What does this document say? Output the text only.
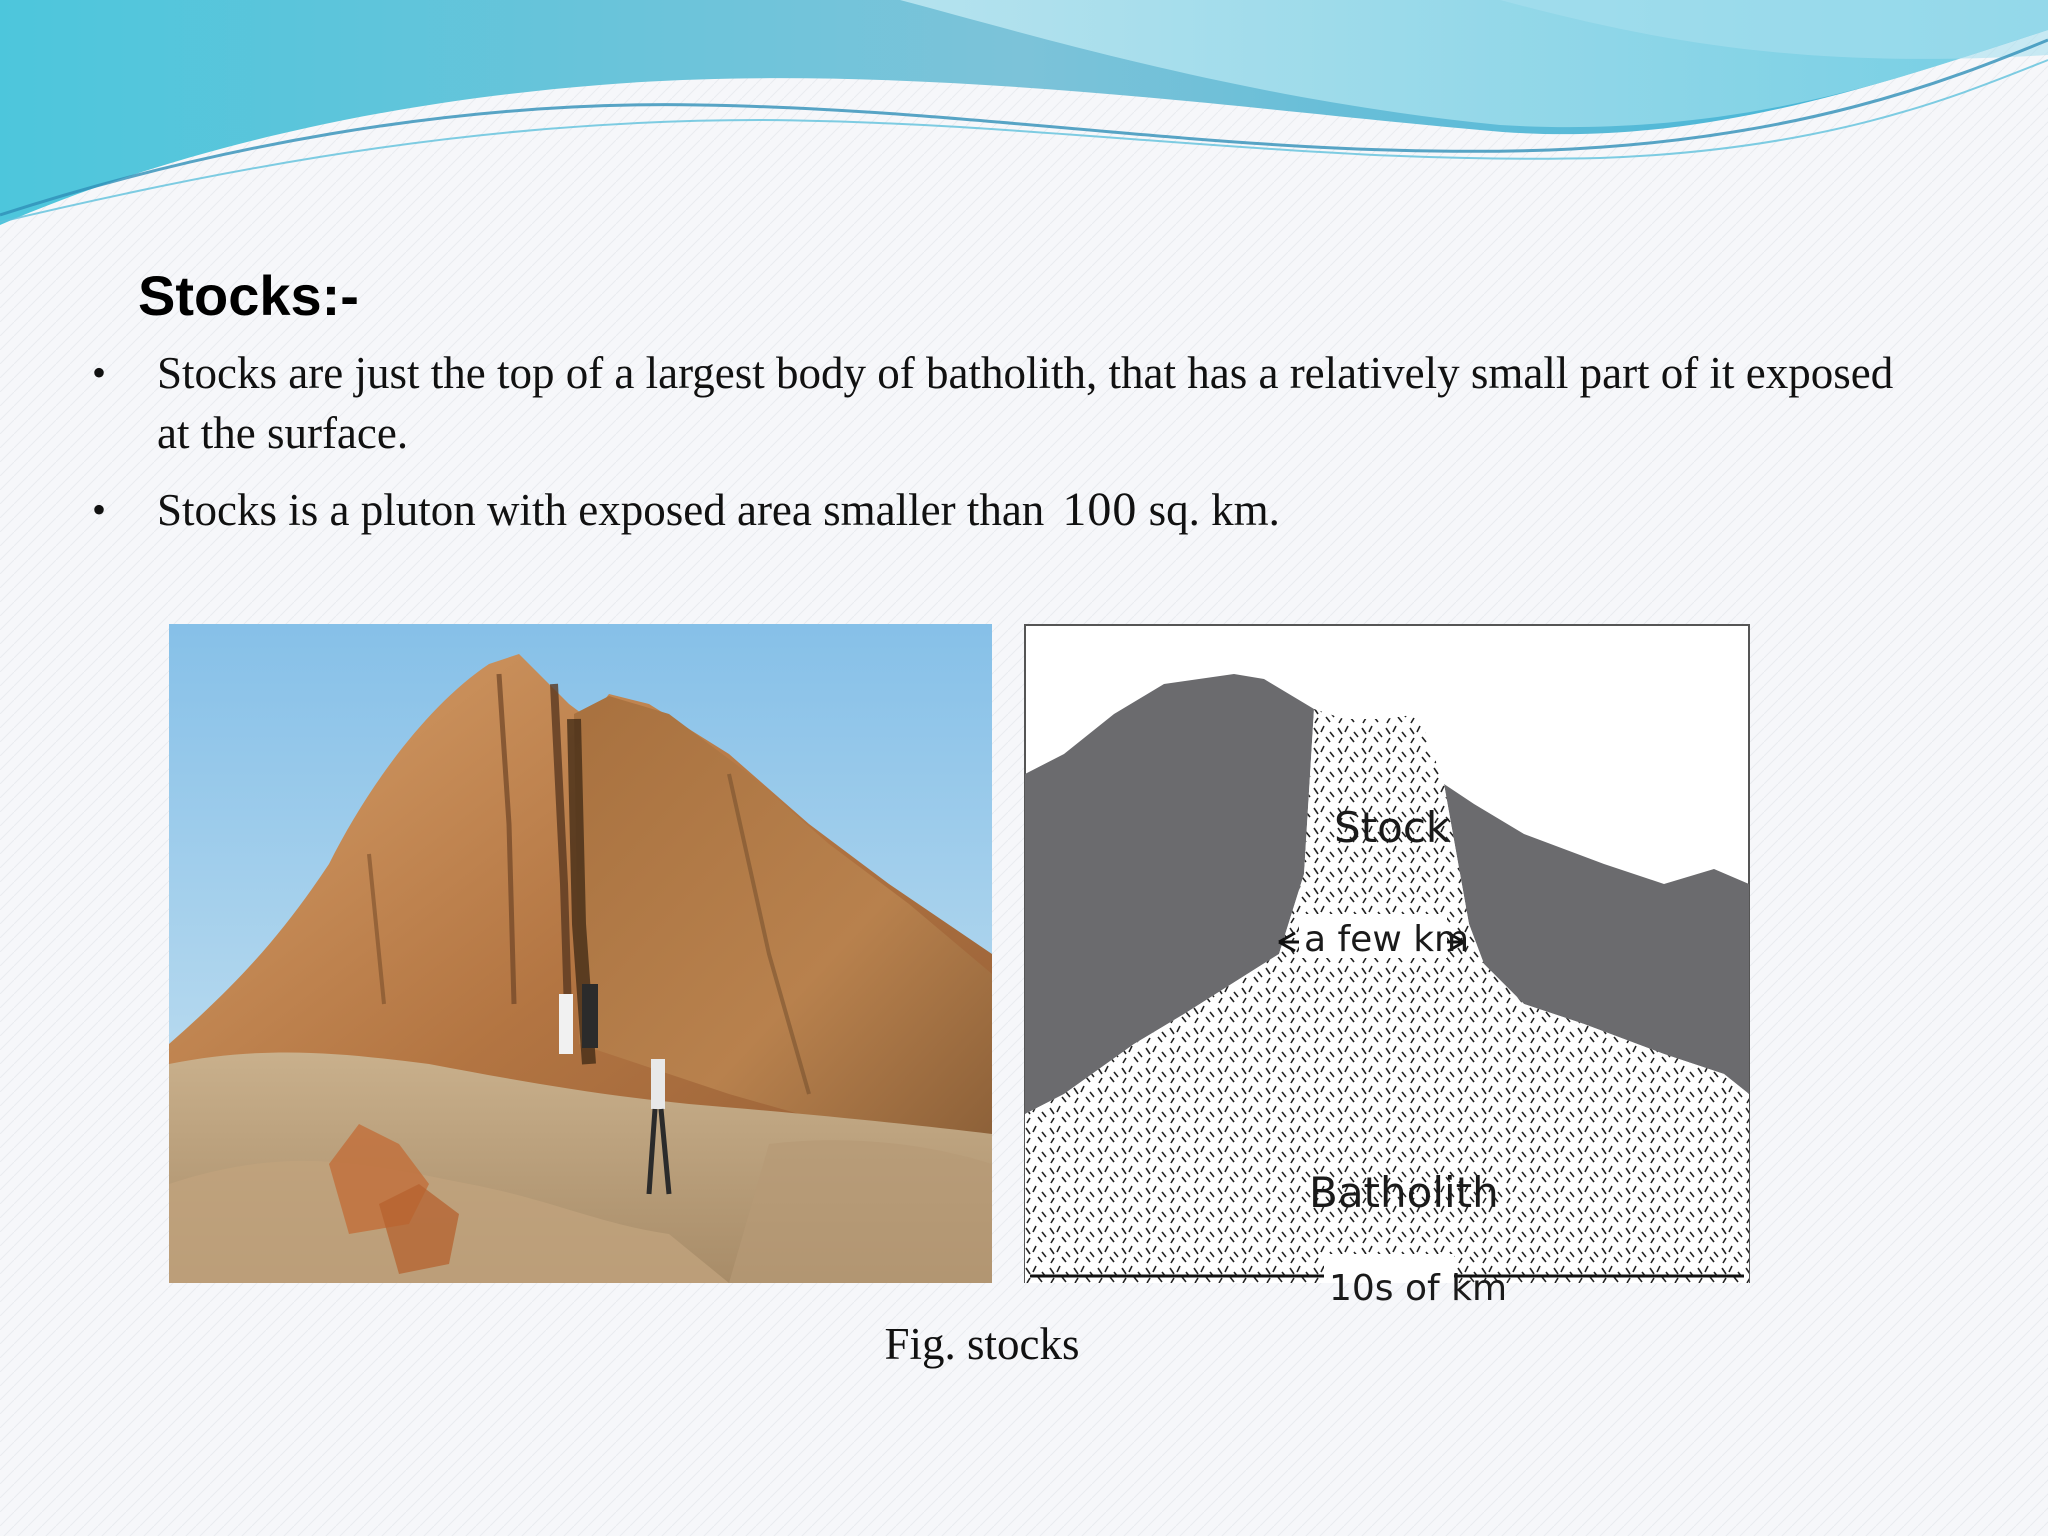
Stocks:-
• Stocks are just the top of a largest body of batholith, that has a relatively small part of it exposed at the surface.
• Stocks is a pluton with exposed area smaller than 100 sq. km.
Stock
a few km
Batholith
10s of km
Fig. stocks
